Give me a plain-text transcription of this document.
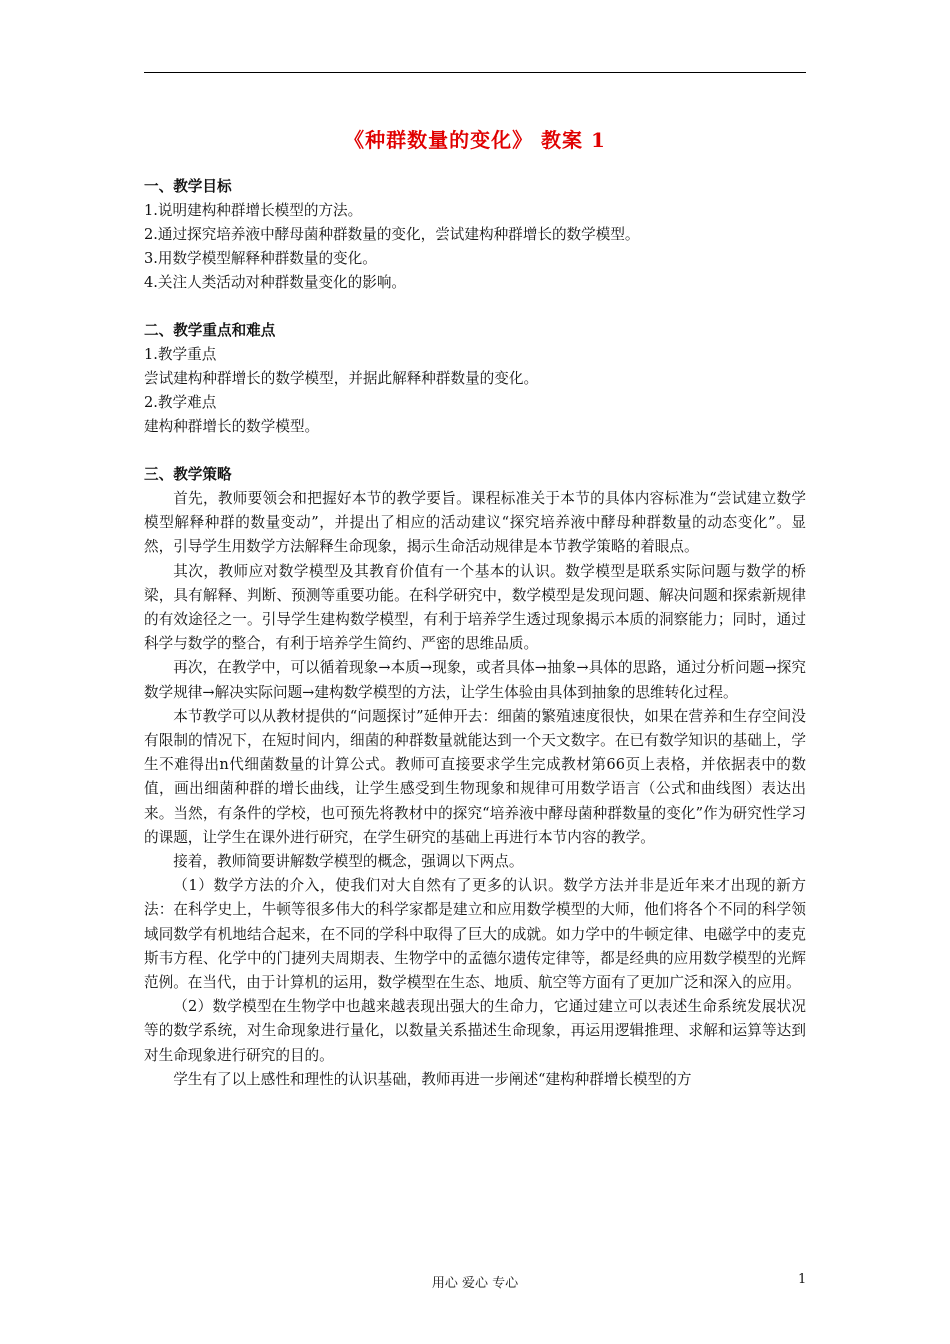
《种群数量的变化》 教案 1
一、教学目标
1.说明建构种群增长模型的方法。
2.通过探究培养液中酵母菌种群数量的变化，尝试建构种群增长的数学模型。
3.用数学模型解释种群数量的变化。
4.关注人类活动对种群数量变化的影响。
二、教学重点和难点
1.教学重点
尝试建构种群增长的数学模型，并据此解释种群数量的变化。
2.教学难点
建构种群增长的数学模型。
三、教学策略
首先，教师要领会和把握好本节的教学要旨。课程标准关于本节的具体内容标准为“尝试建立数学模型解释种群的数量变动”，并提出了相应的活动建议“探究培养液中酵母种群数量的动态变化”。显然，引导学生用数学方法解释生命现象，揭示生命活动规律是本节教学策略的着眼点。
其次，教师应对数学模型及其教育价值有一个基本的认识。数学模型是联系实际问题与数学的桥梁，具有解释、判断、预测等重要功能。在科学研究中，数学模型是发现问题、解决问题和探索新规律的有效途径之一。引导学生建构数学模型，有利于培养学生透过现象揭示本质的洞察能力；同时，通过科学与数学的整合，有利于培养学生简约、严密的思维品质。
再次，在教学中，可以循着现象→本质→现象，或者具体→抽象→具体的思路，通过分析问题→探究数学规律→解决实际问题→建构数学模型的方法，让学生体验由具体到抽象的思维转化过程。
本节教学可以从教材提供的“问题探讨”延伸开去：细菌的繁殖速度很快，如果在营养和生存空间没有限制的情况下，在短时间内，细菌的种群数量就能达到一个天文数字。在已有数学知识的基础上，学生不难得出n代细菌数量的计算公式。教师可直接要求学生完成教材第66页上表格，并依据表中的数值，画出细菌种群的增长曲线，让学生感受到生物现象和规律可用数学语言（公式和曲线图）表达出来。当然，有条件的学校，也可预先将教材中的探究“培养液中酵母菌种群数量的变化”作为研究性学习的课题，让学生在课外进行研究，在学生研究的基础上再进行本节内容的教学。
接着，教师简要讲解数学模型的概念，强调以下两点。
（1）数学方法的介入，使我们对大自然有了更多的认识。数学方法并非是近年来才出现的新方法：在科学史上，牛顿等很多伟大的科学家都是建立和应用数学模型的大师，他们将各个不同的科学领域同数学有机地结合起来，在不同的学科中取得了巨大的成就。如力学中的牛顿定律、电磁学中的麦克斯韦方程、化学中的门捷列夫周期表、生物学中的孟德尔遗传定律等，都是经典的应用数学模型的光辉范例。在当代，由于计算机的运用，数学模型在生态、地质、航空等方面有了更加广泛和深入的应用。
（2）数学模型在生物学中也越来越表现出强大的生命力，它通过建立可以表述生命系统发展状况等的数学系统，对生命现象进行量化，以数量关系描述生命现象，再运用逻辑推理、求解和运算等达到对生命现象进行研究的目的。
学生有了以上感性和理性的认识基础，教师再进一步阐述“建构种群增长模型的方
用心 爱心 专心	1
